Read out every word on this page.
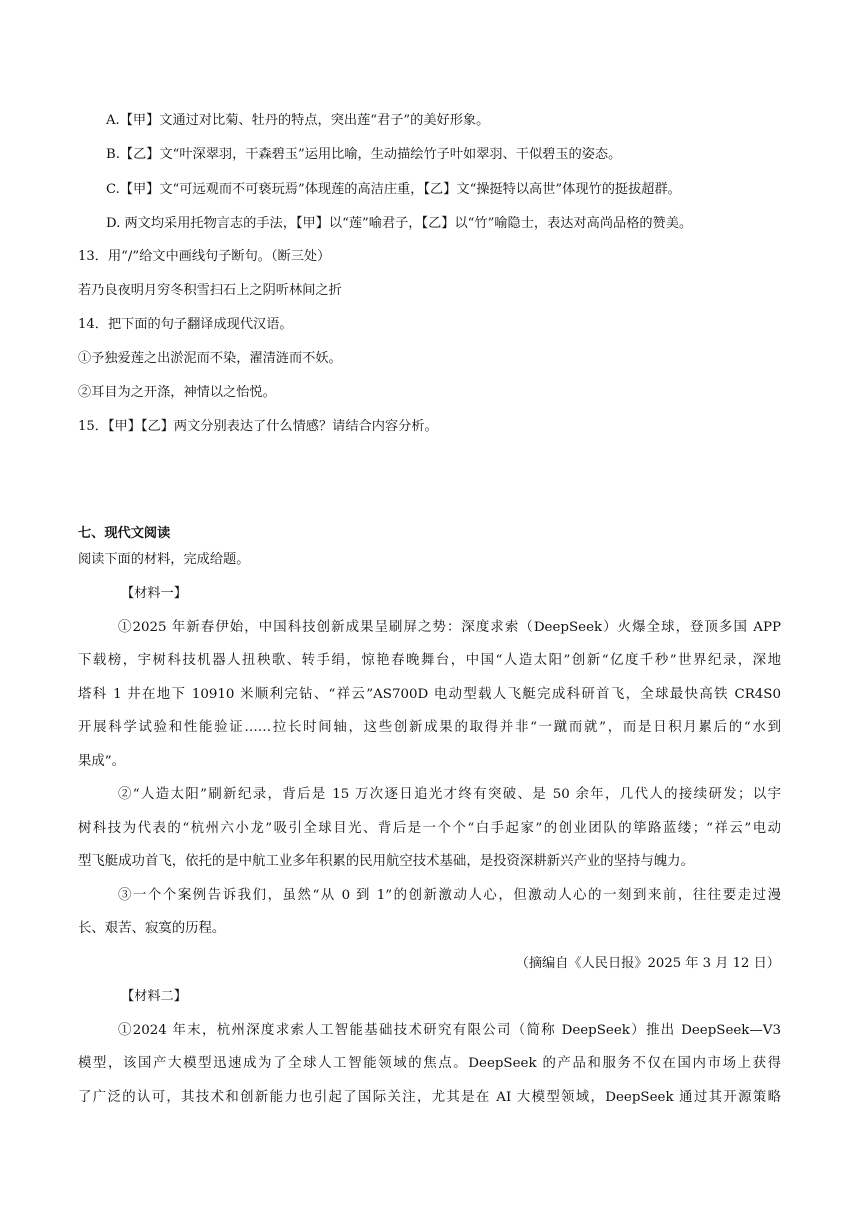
A.【甲】文通过对比菊、牡丹的特点，突出莲“君子”的美好形象。
B.【乙】文“叶深翠羽，干森碧玉”运用比喻，生动描绘竹子叶如翠羽、干似碧玉的姿态。
C.【甲】文“可远观而不可亵玩焉”体现莲的高洁庄重，【乙】文“操挺特以高世”体现竹的挺拔超群。
D. 两文均采用托物言志的手法，【甲】以“莲”喻君子，【乙】以“竹”喻隐士，表达对高尚品格的赞美。
13．用“/”给文中画线句子断句。（断三处）
若乃良夜明月穷冬积雪扫石上之阴听林间之折
14．把下面的句子翻译成现代汉语。
①予独爱莲之出淤泥而不染，濯清涟而不妖。
②耳目为之开涤，神情以之怡悦。
15．【甲】【乙】两文分别表达了什么情感？请结合内容分析。
七、现代文阅读
阅读下面的材料，完成给题。
【材料一】
①2025 年新春伊始，中国科技创新成果呈刷屏之势：深度求索（DeepSeek）火爆全球，登顶多国 APP
下载榜，宇树科技机器人扭秧歌、转手绢，惊艳春晚舞台，中国“人造太阳”创新“亿度千秒”世界纪录，深地
塔科 1 井在地下 10910 米顺利完钻、“祥云”AS700D 电动型载人飞艇完成科研首飞，全球最快高铁 CR4S0
开展科学试验和性能验证……拉长时间轴，这些创新成果的取得并非“一蹴而就”，而是日积月累后的“水到
果成”。
②“人造太阳”刷新纪录，背后是 15 万次逐日追光才终有突破、是 50 余年，几代人的接续研发；以宇
树科技为代表的“杭州六小龙”吸引全球目光、背后是一个个“白手起家”的创业团队的筚路蓝缕；“祥云”电动
型飞艇成功首飞，依托的是中航工业多年积累的民用航空技术基础，是投资深耕新兴产业的坚持与魄力。
③一个个案例告诉我们，虽然“从 0 到 1”的创新激动人心，但激动人心的一刻到来前，往往要走过漫
长、艰苦、寂寞的历程。
（摘编自《人民日报》2025 年 3 月 12 日）
【材料二】
①2024 年末，杭州深度求索人工智能基础技术研究有限公司（简称 DeepSeek）推出 DeepSeek—V3
模型，该国产大模型迅速成为了全球人工智能领域的焦点。DeepSeek 的产品和服务不仅在国内市场上获得
了广泛的认可，其技术和创新能力也引起了国际关注，尤其是在 AI 大模型领域，DeepSeek 通过其开源策略
